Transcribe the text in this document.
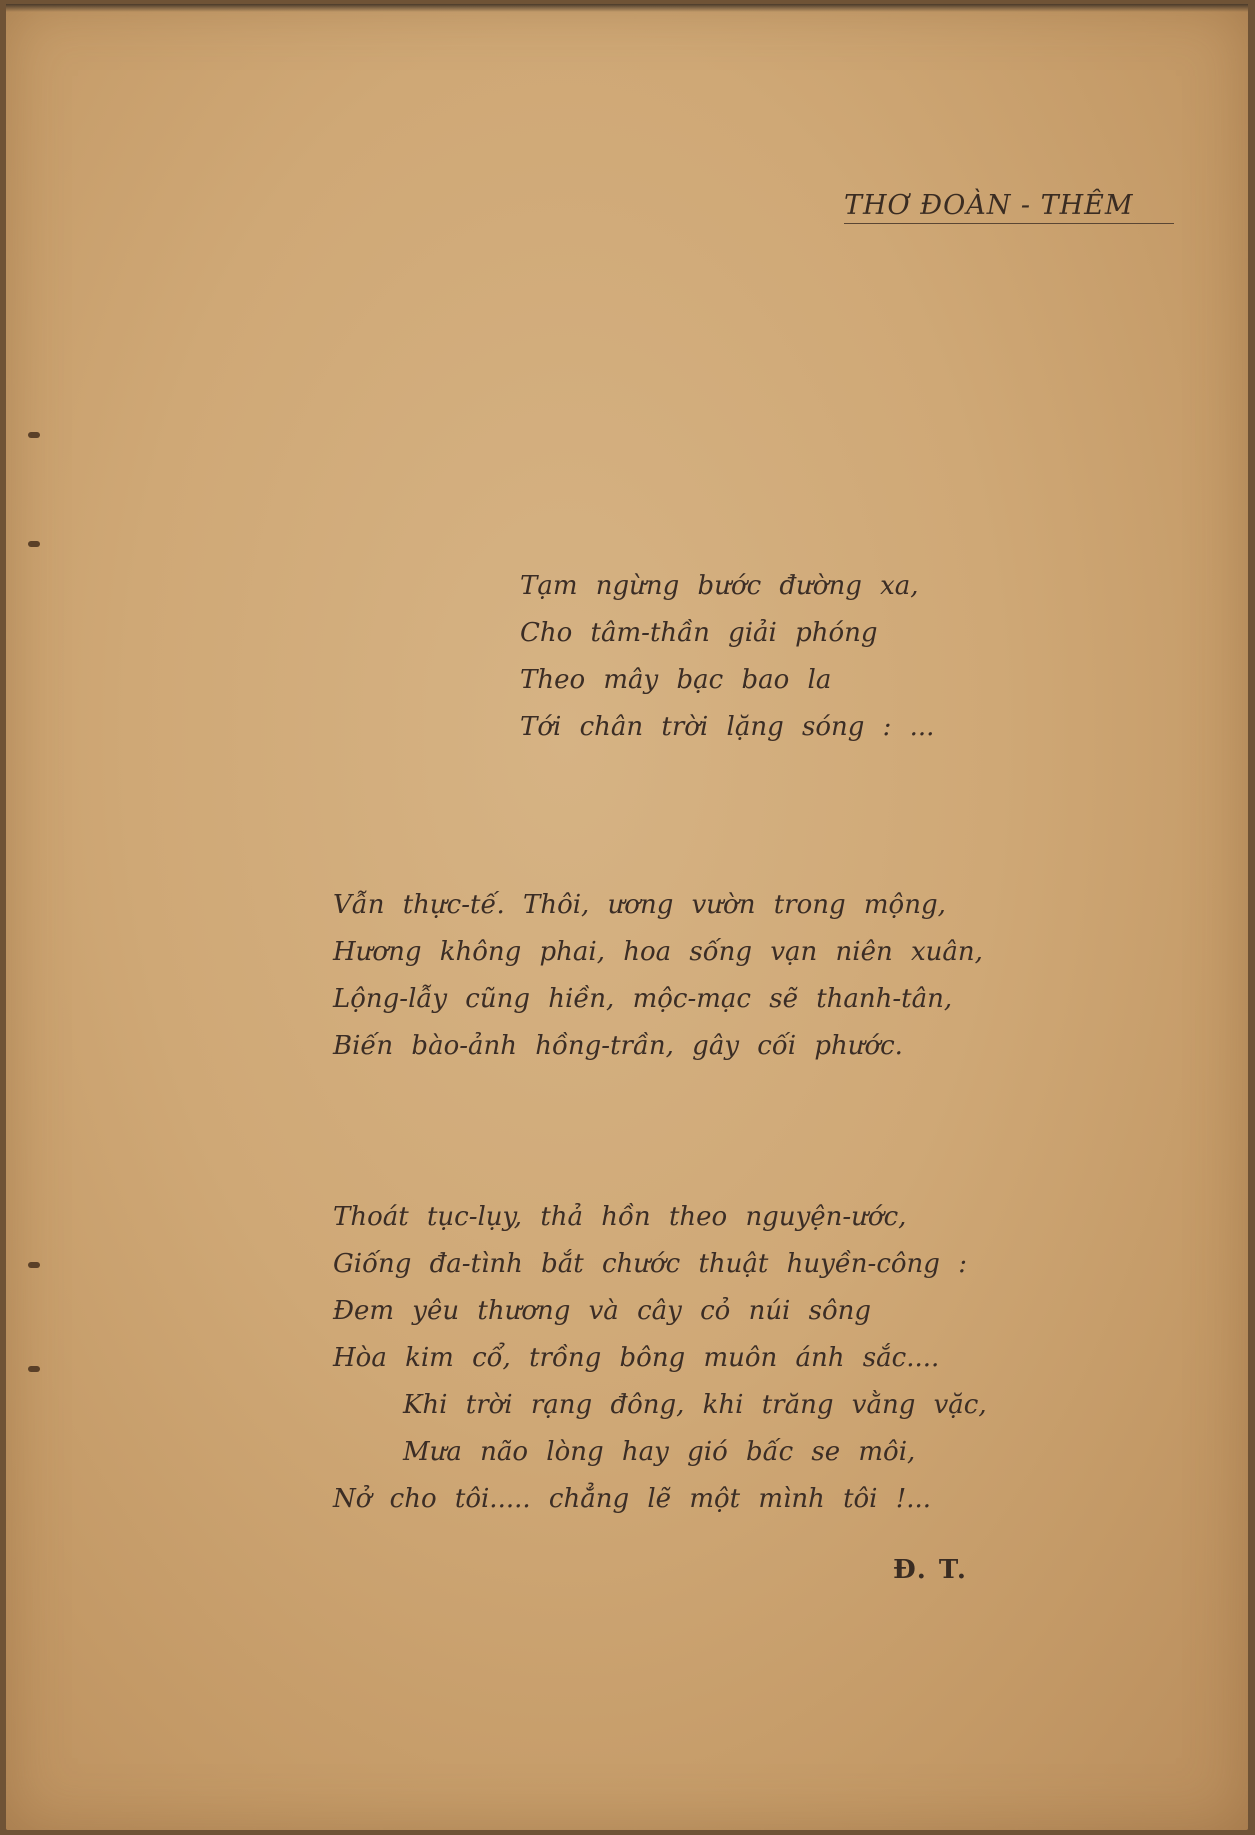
THƠ ĐOÀN - THÊM
Tạm ngừng bước đường xa,
Cho tâm-thần giải phóng
Theo mây bạc bao la
Tới chân trời lặng sóng : ...
Vẫn thực-tế. Thôi, ương vườn trong mộng,
Hương không phai, hoa sống vạn niên xuân,
Lộng-lẫy cũng hiền, mộc-mạc sẽ thanh-tân,
Biến bào-ảnh hồng-trần, gây cối phước.
Thoát tục-lụy, thả hồn theo nguyện-ước,
Giống đa-tình bắt chước thuật huyền-công :
Đem yêu thương và cây cỏ núi sông
Hòa kim cổ, trồng bông muôn ánh sắc....
Khi trời rạng đông, khi trăng vằng vặc,
Mưa não lòng hay gió bấc se môi,
Nở cho tôi..... chẳng lẽ một mình tôi !...
Đ. T.
